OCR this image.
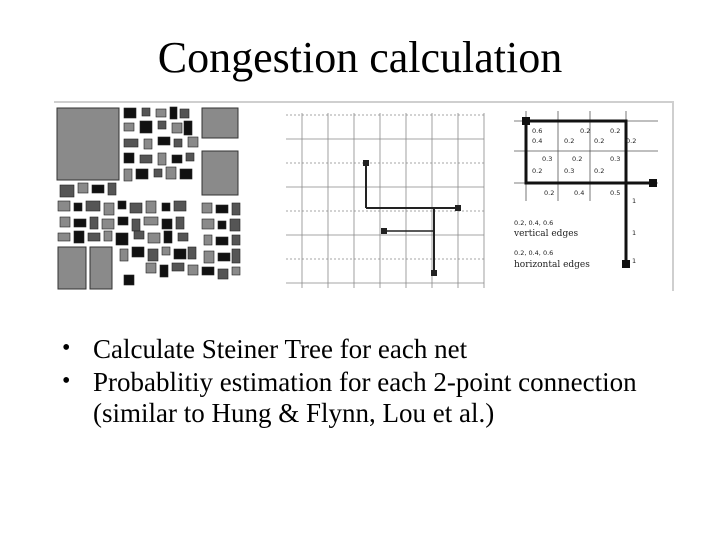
Congestion calculation
0.6	0.2	0.2
0.4	0.2	0.2	0.2
0.3	0.2	0.3
0.2	0.3	0.2
0.2	0.4	0.5
1
1
1
0.2, 0.4, 0.6
vertical edges
0.2, 0.4, 0.6
horizontal edges
• Calculate Steiner Tree for each net
• Probablitiy estimation for each 2-point connection (similar to Hung & Flynn, Lou et al.)
